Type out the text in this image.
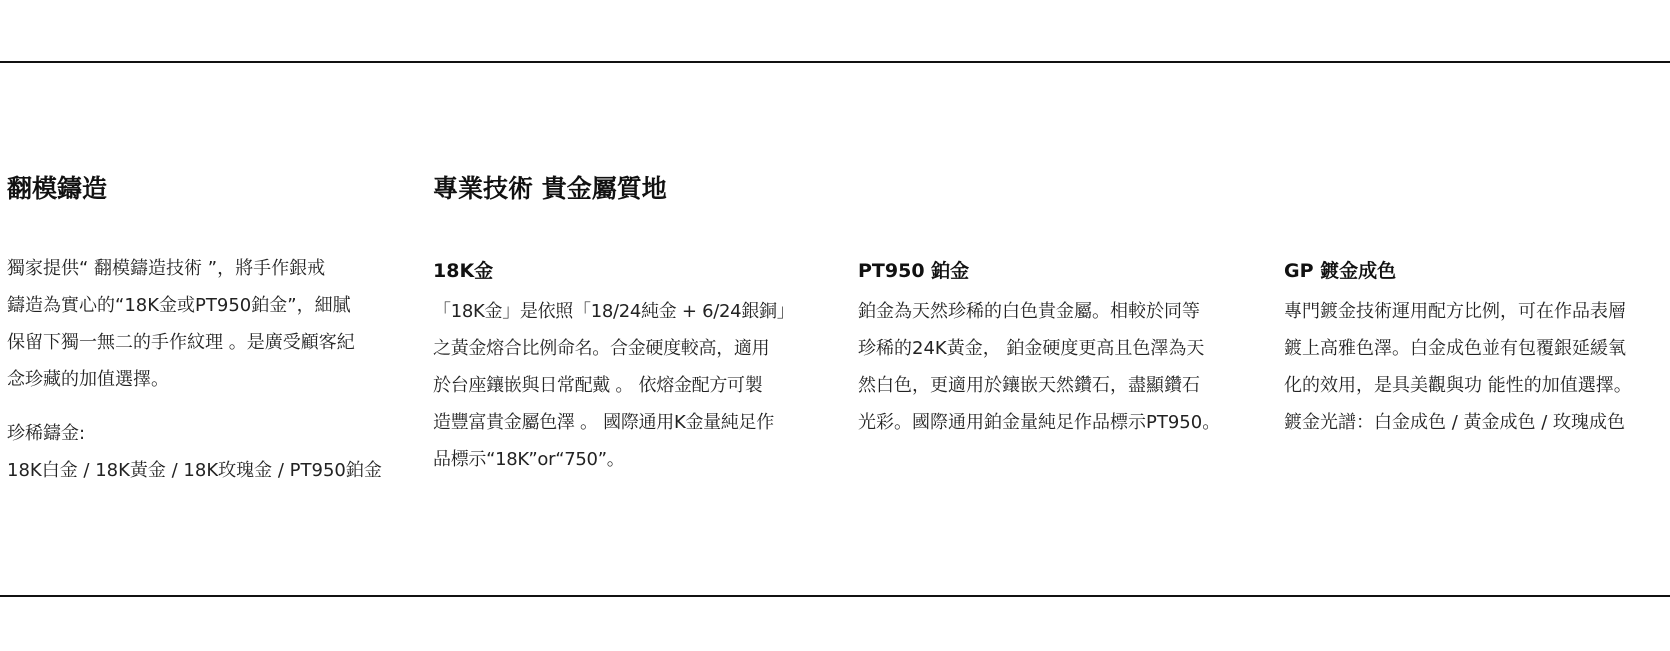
翻模鑄造

獨家提供“ 翻模鑄造技術 ”，將手作銀戒
鑄造為實心的“18K金或PT950鉑金”，細膩
保留下獨一無二的手作紋理 。是廣受顧客紀
念珍藏的加值選擇。

珍稀鑄金:

18K白金 / 18K黃金 / 18K玫瑰金 / PT950鉑金

專業技術 貴金屬質地
18K金

「18K金」是依照「18/24純金 + 6/24銀銅」
之黃金熔合比例命名。合金硬度較高，適用
於台座鑲嵌與日常配戴 。 依熔金配方可製
造豐富貴金屬色澤 。 國際通用K金量純足作
品標示“18K”or“750”。

PT950 鉑金

鉑金為天然珍稀的白色貴金屬。相較於同等
珍稀的24K黃金， 鉑金硬度更高且色澤為天
然白色，更適用於鑲嵌天然鑽石，盡顯鑽石
光彩。國際通用鉑金量純足作品標示PT950。

GP 鍍金成色

專門鍍金技術運用配方比例，可在作品表層
鍍上高雅色澤。白金成色並有包覆銀延緩氧
化的效用，是具美觀與功 能性的加值選擇。
鍍金光譜：白金成色 / 黃金成色 / 玫瑰成色
